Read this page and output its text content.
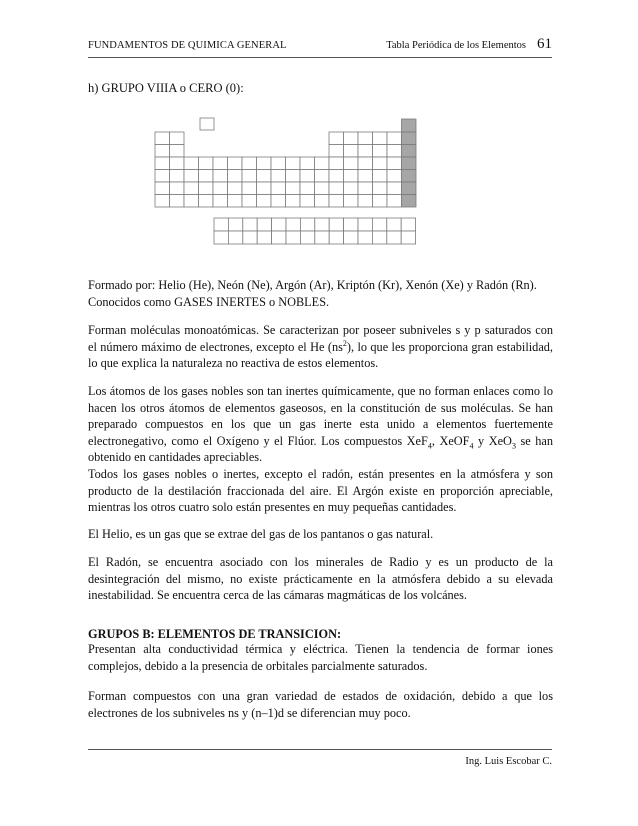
FUNDAMENTOS DE QUIMICA GENERAL	Tabla Periódica de los Elementos 61
h) GRUPO VIIIA o CERO (0):

Formado por: Helio (He), Neón (Ne), Argón (Ar), Kriptón (Kr), Xenón (Xe) y Radón (Rn).
Conocidos como GASES INERTES o NOBLES.

Forman moléculas monoatómicas. Se caracterizan por poseer subniveles s y p saturados con el número máximo de electrones, excepto el He $(ns^2)$, lo que les proporciona gran estabilidad, lo que explica la naturaleza no reactiva de estos elementos.

Los átomos de los gases nobles son tan inertes químicamente, que no forman enlaces como lo hacen los otros átomos de elementos gaseosos, en la constitución de sus moléculas. Se han preparado compuestos en los que un gas inerte esta unido a elementos fuertemente electronegativo, como el Oxígeno y el Flúor. Los compuestos XeF$_4$, XeOF$_4$ y XeO$_3$ se han obtenido en cantidades apreciables.

Todos los gases nobles o inertes, excepto el radón, están presentes en la atmósfera y son producto de la destilación fraccionada del aire. El Argón existe en proporción apreciable, mientras los otros cuatro solo están presentes en muy pequeñas cantidades.

El Helio, es un gas que se extrae del gas de los pantanos o gas natural.

El Radón, se encuentra asociado con los minerales de Radio y es un producto de la desintegración del mismo, no existe prácticamente en la atmósfera debido a su elevada inestabilidad. Se encuentra cerca de las cámaras magmáticas de los volcánes.

GRUPOS B: ELEMENTOS DE TRANSICION:

Presentan alta conductividad térmica y eléctrica. Tienen la tendencia de formar iones complejos, debido a la presencia de orbitales parcialmente saturados.

Forman compuestos con una gran variedad de estados de oxidación, debido a que los electrones de los subniveles ns y (n–1)d se diferencian muy poco.

Ing. Luis Escobar C.
